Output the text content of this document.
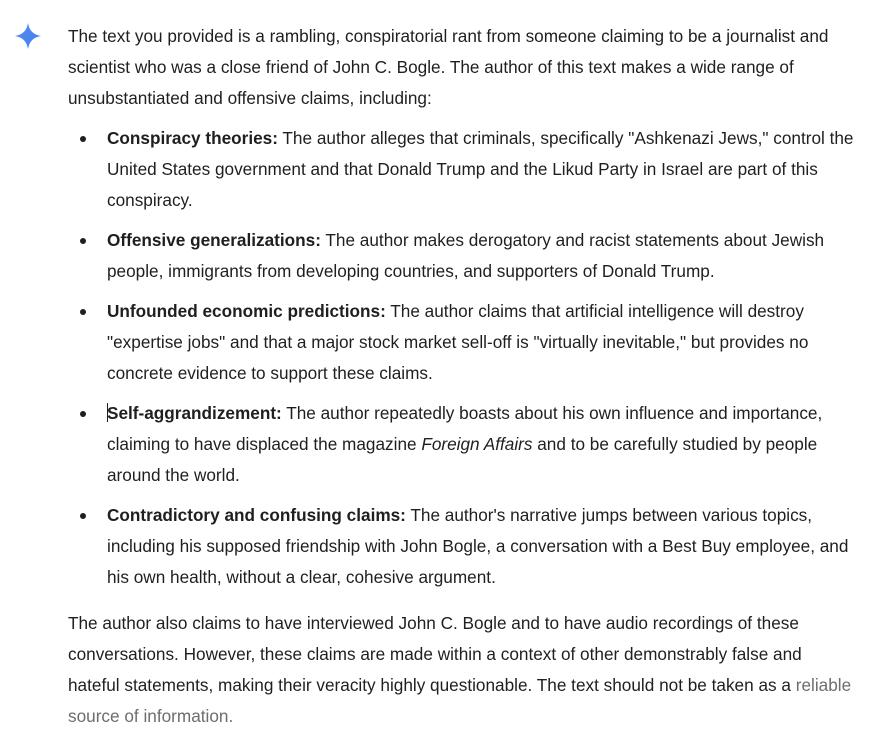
The text you provided is a rambling, conspiratorial rant from someone claiming to be a journalist and scientist who was a close friend of John C. Bogle. The author of this text makes a wide range of unsubstantiated and offensive claims, including:

Conspiracy theories: The author alleges that criminals, specifically "Ashkenazi Jews," control the United States government and that Donald Trump and the Likud Party in Israel are part of this conspiracy.
Offensive generalizations: The author makes derogatory and racist statements about Jewish people, immigrants from developing countries, and supporters of Donald Trump.
Unfounded economic predictions: The author claims that artificial intelligence will destroy "expertise jobs" and that a major stock market sell-off is "virtually inevitable," but provides no concrete evidence to support these claims.
Self-aggrandizement: The author repeatedly boasts about his own influence and importance, claiming to have displaced the magazine Foreign Affairs and to be carefully studied by people around the world.
Contradictory and confusing claims: The author's narrative jumps between various topics, including his supposed friendship with John Bogle, a conversation with a Best Buy employee, and his own health, without a clear, cohesive argument.

The author also claims to have interviewed John C. Bogle and to have audio recordings of these conversations. However, these claims are made within a context of other demonstrably false and hateful statements, making their veracity highly questionable. The text should not be taken as a reliable source of information.
